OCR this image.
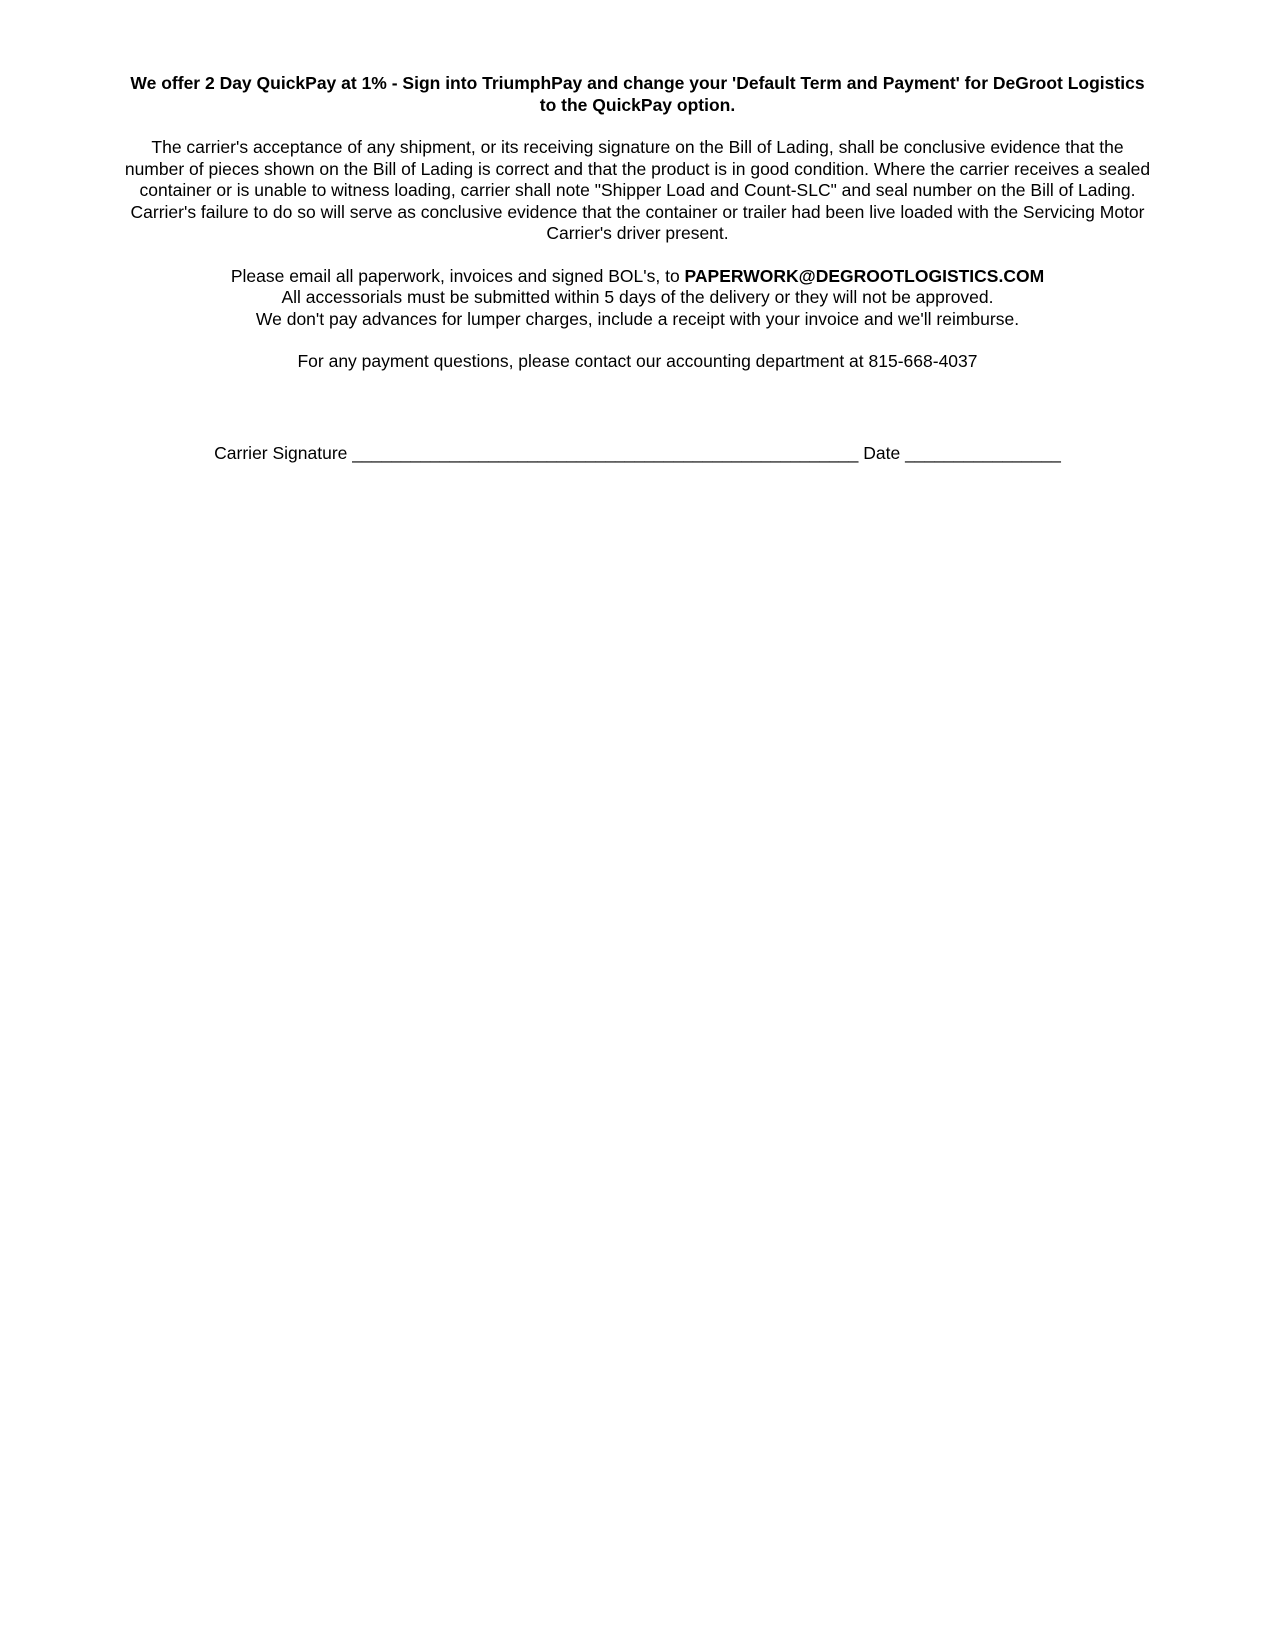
We offer 2 Day QuickPay at 1% - Sign into TriumphPay and change your 'Default Term and Payment' for DeGroot Logistics
to the QuickPay option.

The carrier's acceptance of any shipment, or its receiving signature on the Bill of Lading, shall be conclusive evidence that the
number of pieces shown on the Bill of Lading is correct and that the product is in good condition. Where the carrier receives a sealed
container or is unable to witness loading, carrier shall note "Shipper Load and Count-SLC" and seal number on the Bill of Lading.
Carrier's failure to do so will serve as conclusive evidence that the container or trailer had been live loaded with the Servicing Motor
Carrier's driver present.

Please email all paperwork, invoices and signed BOL's, to PAPERWORK@DEGROOTLOGISTICS.COM
All accessorials must be submitted within 5 days of the delivery or they will not be approved.
We don't pay advances for lumper charges, include a receipt with your invoice and we'll reimburse.

For any payment questions, please contact our accounting department at 815-668-4037

Carrier Signature ____________________________________________________ Date ________________
